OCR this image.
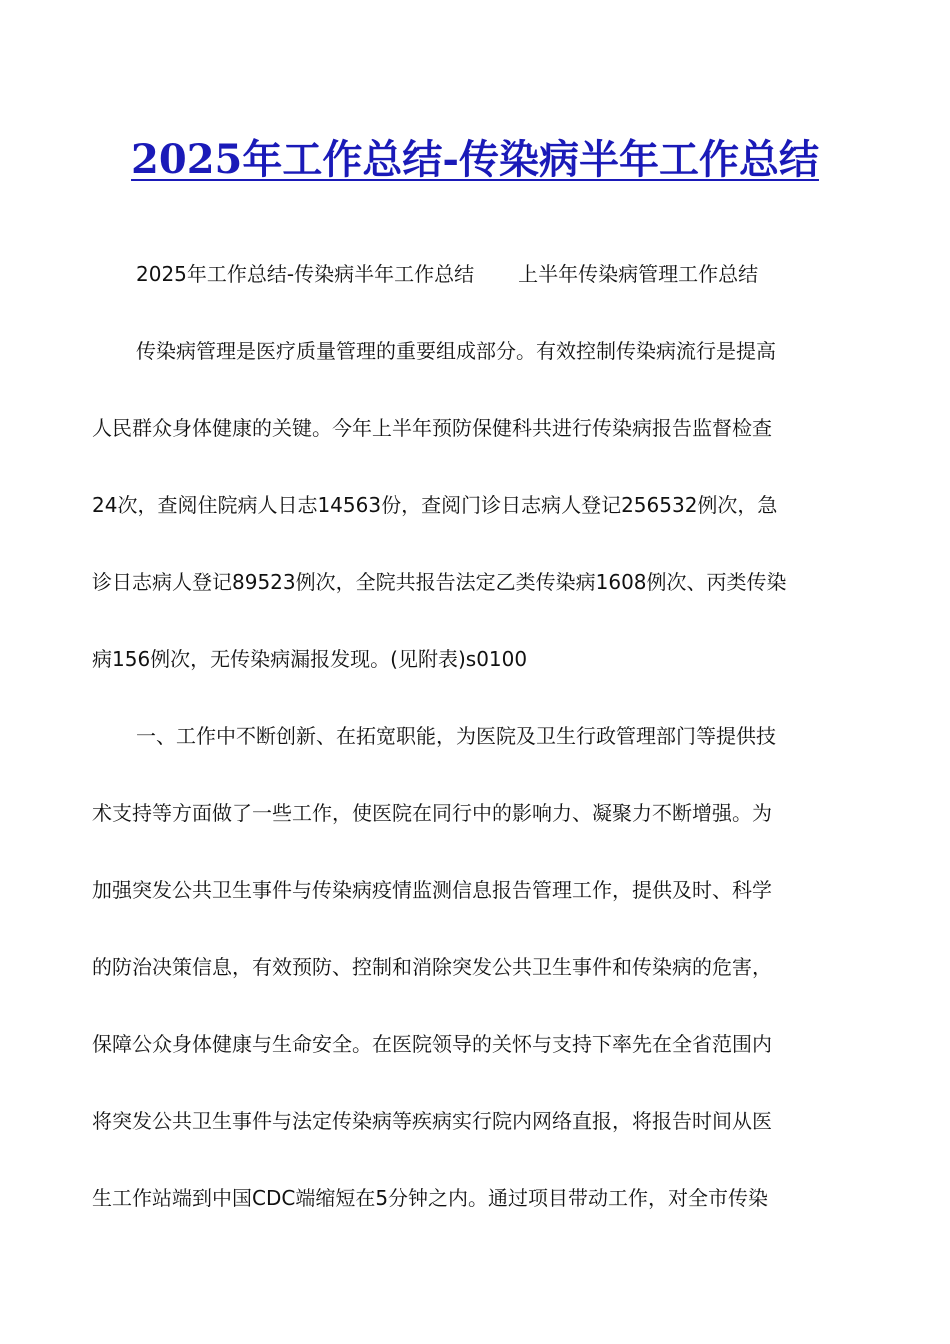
2025年工作总结-传染病半年工作总结
2025年工作总结-传染病半年工作总结 上半年传染病管理工作总结
传染病管理是医疗质量管理的重要组成部分。有效控制传染病流行是提高
人民群众身体健康的关键。今年上半年预防保健科共进行传染病报告监督检查
24次，查阅住院病人日志14563份，查阅门诊日志病人登记256532例次，急
诊日志病人登记89523例次，全院共报告法定乙类传染病1608例次、丙类传染
病156例次，无传染病漏报发现。(见附表)s0100
一、工作中不断创新、在拓宽职能，为医院及卫生行政管理部门等提供技
术支持等方面做了一些工作，使医院在同行中的影响力、凝聚力不断增强。为
加强突发公共卫生事件与传染病疫情监测信息报告管理工作，提供及时、科学
的防治决策信息，有效预防、控制和消除突发公共卫生事件和传染病的危害，
保障公众身体健康与生命安全。在医院领导的关怀与支持下率先在全省范围内
将突发公共卫生事件与法定传染病等疾病实行院内网络直报，将报告时间从医
生工作站端到中国CDC端缩短在5分钟之内。通过项目带动工作，对全市传染
